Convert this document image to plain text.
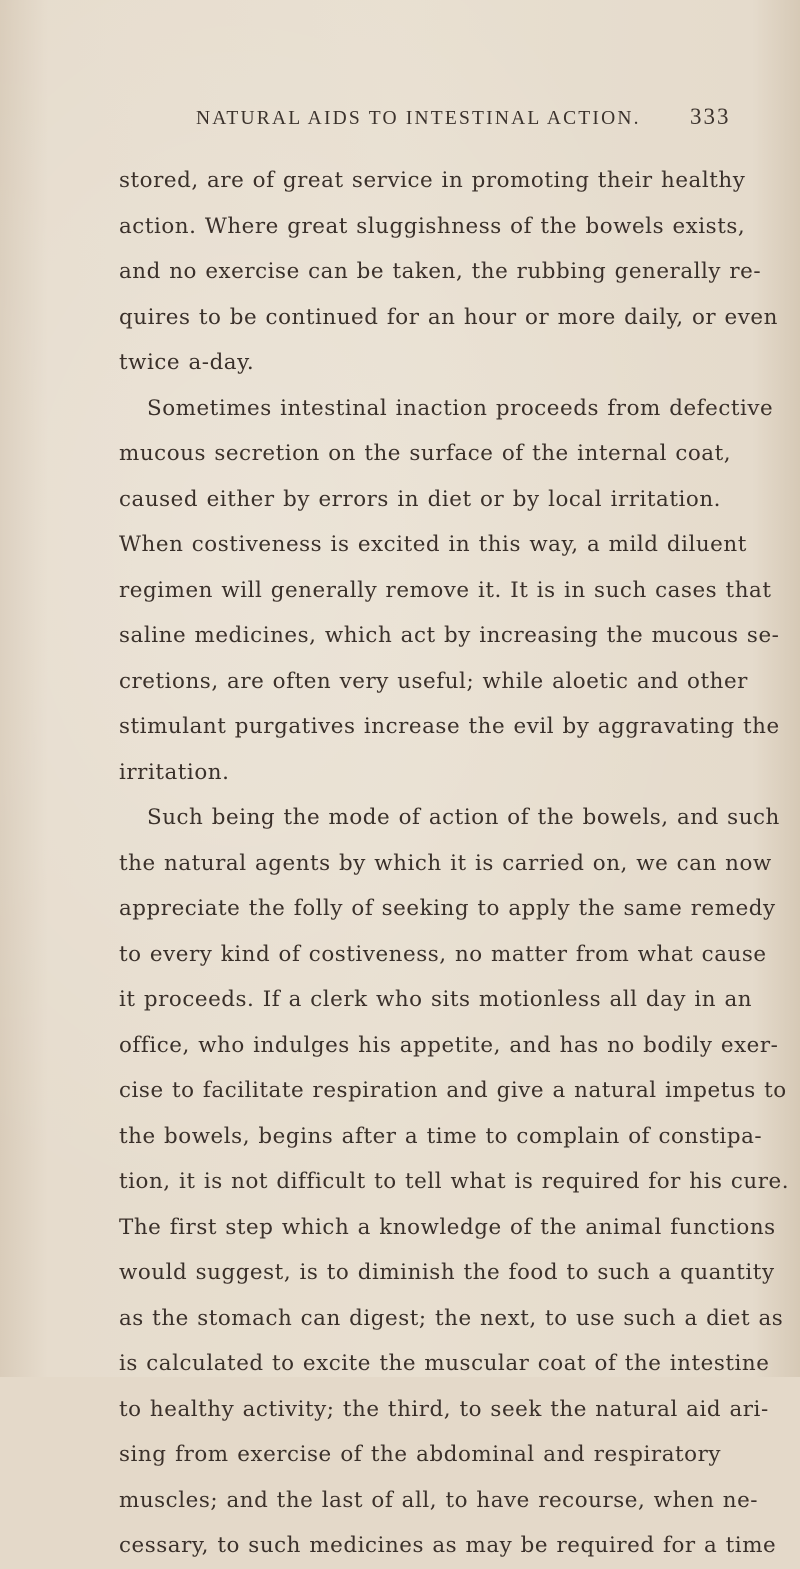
NATURAL AIDS TO INTESTINAL ACTION.	333
stored, are of great service in promoting their healthy
action. Where great sluggishness of the bowels exists,
and no exercise can be taken, the rubbing generally re-
quires to be continued for an hour or more daily, or even
twice a-day.
Sometimes intestinal inaction proceeds from defective
mucous secretion on the surface of the internal coat,
caused either by errors in diet or by local irritation.
When costiveness is excited in this way, a mild diluent
regimen will generally remove it. It is in such cases that
saline medicines, which act by increasing the mucous se-
cretions, are often very useful; while aloetic and other
stimulant purgatives increase the evil by aggravating the
irritation.
Such being the mode of action of the bowels, and such
the natural agents by which it is carried on, we can now
appreciate the folly of seeking to apply the same remedy
to every kind of costiveness, no matter from what cause
it proceeds. If a clerk who sits motionless all day in an
office, who indulges his appetite, and has no bodily exer-
cise to facilitate respiration and give a natural impetus to
the bowels, begins after a time to complain of constipa-
tion, it is not difficult to tell what is required for his cure.
The first step which a knowledge of the animal functions
would suggest, is to diminish the food to such a quantity
as the stomach can digest; the next, to use such a diet as
is calculated to excite the muscular coat of the intestine
to healthy activity; the third, to seek the natural aid ari-
sing from exercise of the abdominal and respiratory
muscles; and the last of all, to have recourse, when ne-
cessary, to such medicines as may be required for a time
